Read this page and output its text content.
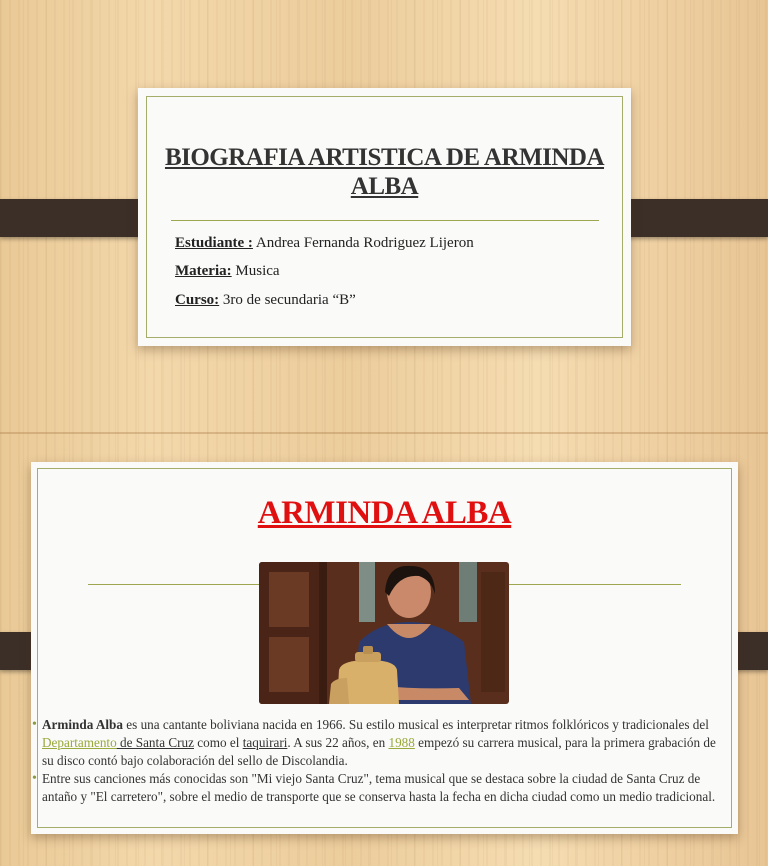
BIOGRAFIA ARTISTICA DE ARMINDA ALBA
Estudiante : Andrea Fernanda Rodriguez Lijeron
Materia: Musica
Curso: 3ro de secundaria “B”
ARMINDA ALBA
• Arminda Alba es una cantante boliviana nacida en 1966. Su estilo musical es interpretar ritmos folklóricos y tradicionales del Departamento de Santa Cruz como el taquirari. A sus 22 años, en 1988 empezó su carrera musical, para la primera grabación de su disco contó bajo colaboración del sello de Discolandia.
• Entre sus canciones más conocidas son "Mi viejo Santa Cruz", tema musical que se destaca sobre la ciudad de Santa Cruz de antaño y "El carretero", sobre el medio de transporte que se conserva hasta la fecha en dicha ciudad como un medio tradicional.
